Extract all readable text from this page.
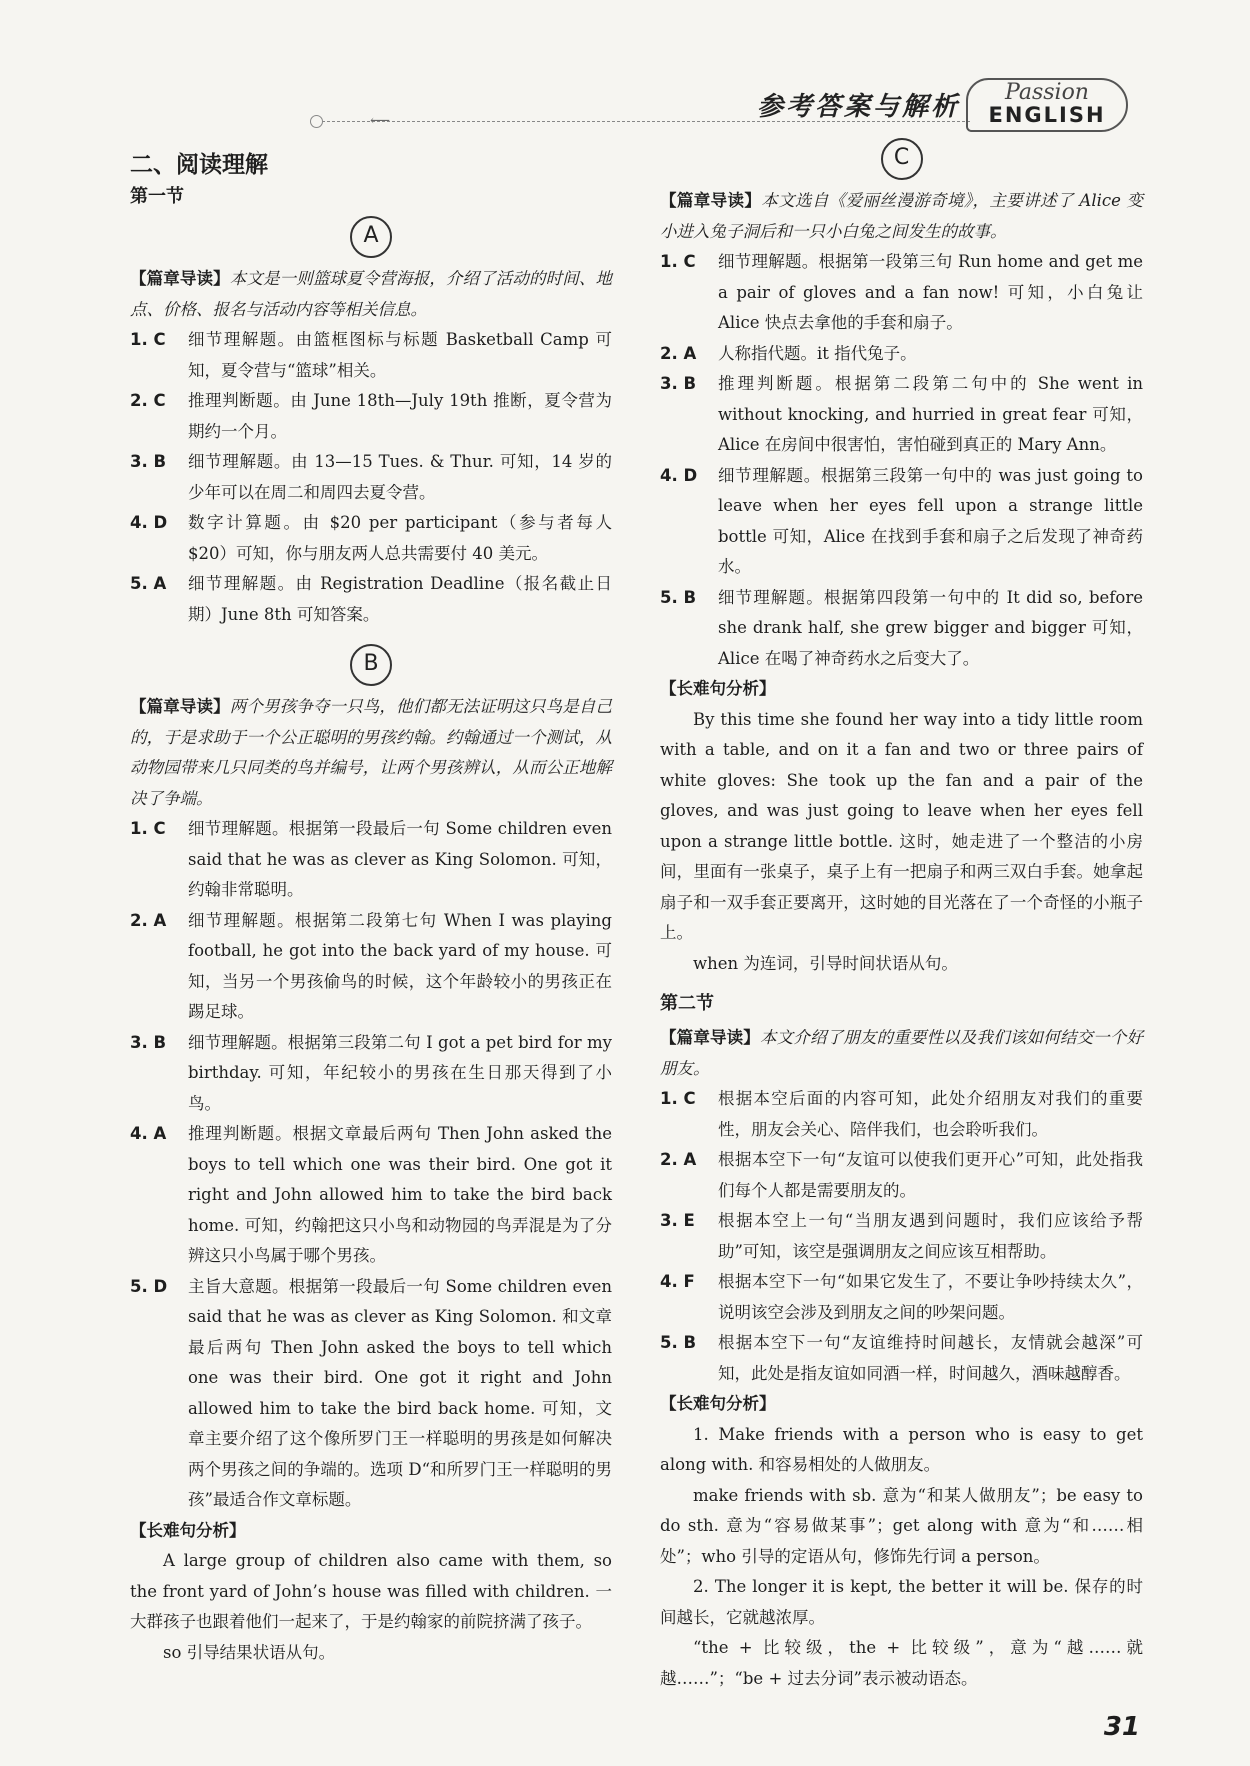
⟵	参考答案与解析	Passion
ENGLISH
二、阅读理解
第一节
A

【篇章导读】本文是一则篮球夏令营海报，介绍了活动的时间、地点、价格、报名与活动内容等相关信息。

1. C	细节理解题。由篮框图标与标题 Basketball Camp 可知，夏令营与“篮球”相关。
2. C	推理判断题。由 June 18th—July 19th 推断，夏令营为期约一个月。
3. B	细节理解题。由 13—15 Tues. & Thur. 可知，14 岁的少年可以在周二和周四去夏令营。
4. D	数字计算题。由 $20 per participant（参与者每人 $20）可知，你与朋友两人总共需要付 40 美元。
5. A	细节理解题。由 Registration Deadline（报名截止日期）June 8th 可知答案。
B

【篇章导读】两个男孩争夺一只鸟，他们都无法证明这只鸟是自己的，于是求助于一个公正聪明的男孩约翰。约翰通过一个测试，从动物园带来几只同类的鸟并编号，让两个男孩辨认，从而公正地解决了争端。

1. C	细节理解题。根据第一段最后一句 Some children even said that he was as clever as King Solomon. 可知，约翰非常聪明。
2. A	细节理解题。根据第二段第七句 When I was playing football, he got into the back yard of my house. 可知，当另一个男孩偷鸟的时候，这个年龄较小的男孩正在踢足球。
3. B	细节理解题。根据第三段第二句 I got a pet bird for my birthday. 可知，年纪较小的男孩在生日那天得到了小鸟。
4. A	推理判断题。根据文章最后两句 Then John asked the boys to tell which one was their bird. One got it right and John allowed him to take the bird back home. 可知，约翰把这只小鸟和动物园的鸟弄混是为了分辨这只小鸟属于哪个男孩。
5. D	主旨大意题。根据第一段最后一句 Some children even said that he was as clever as King Solomon. 和文章最后两句 Then John asked the boys to tell which one was their bird. One got it right and John allowed him to take the bird back home. 可知，文章主要介绍了这个像所罗门王一样聪明的男孩是如何解决两个男孩之间的争端的。选项 D“和所罗门王一样聪明的男孩”最适合作文章标题。

【长难句分析】

A large group of children also came with them, so the front yard of John’s house was filled with children. 一大群孩子也跟着他们一起来了，于是约翰家的前院挤满了孩子。

so 引导结果状语从句。

C

【篇章导读】本文选自《爱丽丝漫游奇境》，主要讲述了 Alice 变小进入兔子洞后和一只小白兔之间发生的故事。

1. C	细节理解题。根据第一段第三句 Run home and get me a pair of gloves and a fan now! 可知，小白兔让 Alice 快点去拿他的手套和扇子。
2. A	人称指代题。it 指代兔子。
3. B	推理判断题。根据第二段第二句中的 She went in without knocking, and hurried in great fear 可知，Alice 在房间中很害怕，害怕碰到真正的 Mary Ann。
4. D	细节理解题。根据第三段第一句中的 was just going to leave when her eyes fell upon a strange little bottle 可知，Alice 在找到手套和扇子之后发现了神奇药水。
5. B	细节理解题。根据第四段第一句中的 It did so, before she drank half, she grew bigger and bigger 可知，Alice 在喝了神奇药水之后变大了。

【长难句分析】

By this time she found her way into a tidy little room with a table, and on it a fan and two or three pairs of white gloves: She took up the fan and a pair of the gloves, and was just going to leave when her eyes fell upon a strange little bottle. 这时，她走进了一个整洁的小房间，里面有一张桌子，桌子上有一把扇子和两三双白手套。她拿起扇子和一双手套正要离开，这时她的目光落在了一个奇怪的小瓶子上。

when 为连词，引导时间状语从句。

第二节

【篇章导读】本文介绍了朋友的重要性以及我们该如何结交一个好朋友。

1. C	根据本空后面的内容可知，此处介绍朋友对我们的重要性，朋友会关心、陪伴我们，也会聆听我们。
2. A	根据本空下一句“友谊可以使我们更开心”可知，此处指我们每个人都是需要朋友的。
3. E	根据本空上一句“当朋友遇到问题时，我们应该给予帮助”可知，该空是强调朋友之间应该互相帮助。
4. F	根据本空下一句“如果它发生了，不要让争吵持续太久”，说明该空会涉及到朋友之间的吵架问题。
5. B	根据本空下一句“友谊维持时间越长，友情就会越深”可知，此处是指友谊如同酒一样，时间越久，酒味越醇香。

【长难句分析】

1. Make friends with a person who is easy to get along with. 和容易相处的人做朋友。

make friends with sb. 意为“和某人做朋友”；be easy to do sth. 意为“容易做某事”；get along with 意为“和……相处”；who 引导的定语从句，修饰先行词 a person。

2. The longer it is kept, the better it will be. 保存的时间越长，它就越浓厚。

“the + 比较级，the + 比较级”，意为“越……就越……”；“be + 过去分词”表示被动语态。

31
